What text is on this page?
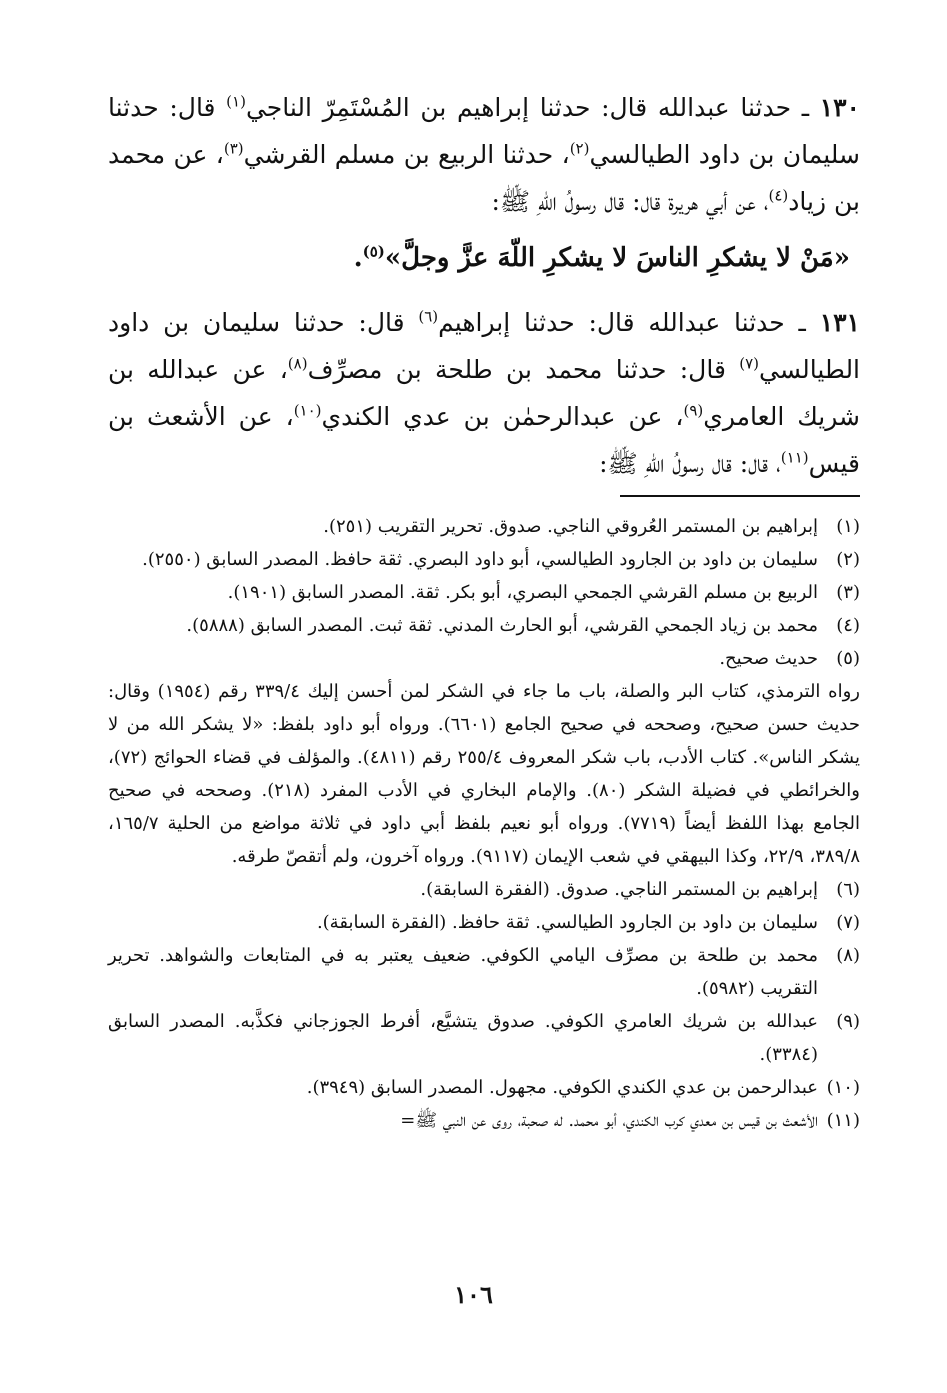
١٣٠ ـ حدثنا عبدالله قال: حدثنا إبراهيم بن المُسْتَمِرّ الناجي$^{(١)}$ قال: حدثنا سليمان بن داود الطيالسي$^{(٢)}$، حدثنا الربيع بن مسلم القرشي$^{(٣)}$، عن محمد بن زياد$^{(٤)}$، عن أبي هريرة قال: قال رسولُ اللّهِ ﷺ:

«مَنْ لا يشكرِ الناسَ لا يشكرِ اللّهَ عزَّ وجلَّ»$^{(٥)}$.

١٣١ ـ حدثنا عبدالله قال: حدثنا إبراهيم$^{(٦)}$ قال: حدثنا سليمان بن داود الطيالسي$^{(٧)}$ قال: حدثنا محمد بن طلحة بن مصرِّف$^{(٨)}$، عن عبدالله بن شريك العامري$^{(٩)}$، عن عبدالرحمٰن بن عدي الكندي$^{(١٠)}$، عن الأشعث بن قيس$^{(١١)}$، قال: قال رسولُ اللّهِ ﷺ:

(١)
إبراهيم بن المستمر العُروقي الناجي. صدوق. تحرير التقريب (٢٥١).
(٢)
سليمان بن داود بن الجارود الطيالسي، أبو داود البصري. ثقة حافظ. المصدر السابق (٢٥٥٠).
(٣)
الربيع بن مسلم القرشي الجمحي البصري، أبو بكر. ثقة. المصدر السابق (١٩٠١).
(٤)
محمد بن زياد الجمحي القرشي، أبو الحارث المدني. ثقة ثبت. المصدر السابق (٥٨٨٨).
(٥)
حديث صحيح.

رواه الترمذي، كتاب البر والصلة، باب ما جاء في الشكر لمن أحسن إليك ٣٣٩/٤ رقم (١٩٥٤) وقال: حديث حسن صحيح، وصححه في صحيح الجامع (٦٦٠١). ورواه أبو داود بلفظ: «لا يشكر الله من لا يشكر الناس». كتاب الأدب، باب شكر المعروف ٢٥٥/٤ رقم (٤٨١١). والمؤلف في قضاء الحوائج (٧٢)، والخرائطي في فضيلة الشكر (٨٠). والإمام البخاري في الأدب المفرد (٢١٨). وصححه في صحيح الجامع بهذا اللفظ أيضاً (٧٧١٩). ورواه أبو نعيم بلفظ أبي داود في ثلاثة مواضع من الحلية ١٦٥/٧، ٣٨٩/٨، ٢٢/٩، وكذا البيهقي في شعب الإيمان (٩١١٧). ورواه آخرون، ولم أتقصّ طرقه.

(٦)
إبراهيم بن المستمر الناجي. صدوق. (الفقرة السابقة).
(٧)
سليمان بن داود بن الجارود الطيالسي. ثقة حافظ. (الفقرة السابقة).
(٨)
محمد بن طلحة بن مصرِّف اليامي الكوفي. ضعيف يعتبر به في المتابعات والشواهد. تحرير التقريب (٥٩٨٢).
(٩)
عبدالله بن شريك العامري الكوفي. صدوق يتشيَّع، أفرط الجوزجاني فكذَّبه. المصدر السابق (٣٣٨٤).
(١٠)
عبدالرحمن بن عدي الكندي الكوفي. مجهول. المصدر السابق (٣٩٤٩).
(١١)
الأشعث بن قيس بن معدي كرب الكندي، أبو محمد. له صحبة، روى عن النبي ﷺ=
١٠٦
